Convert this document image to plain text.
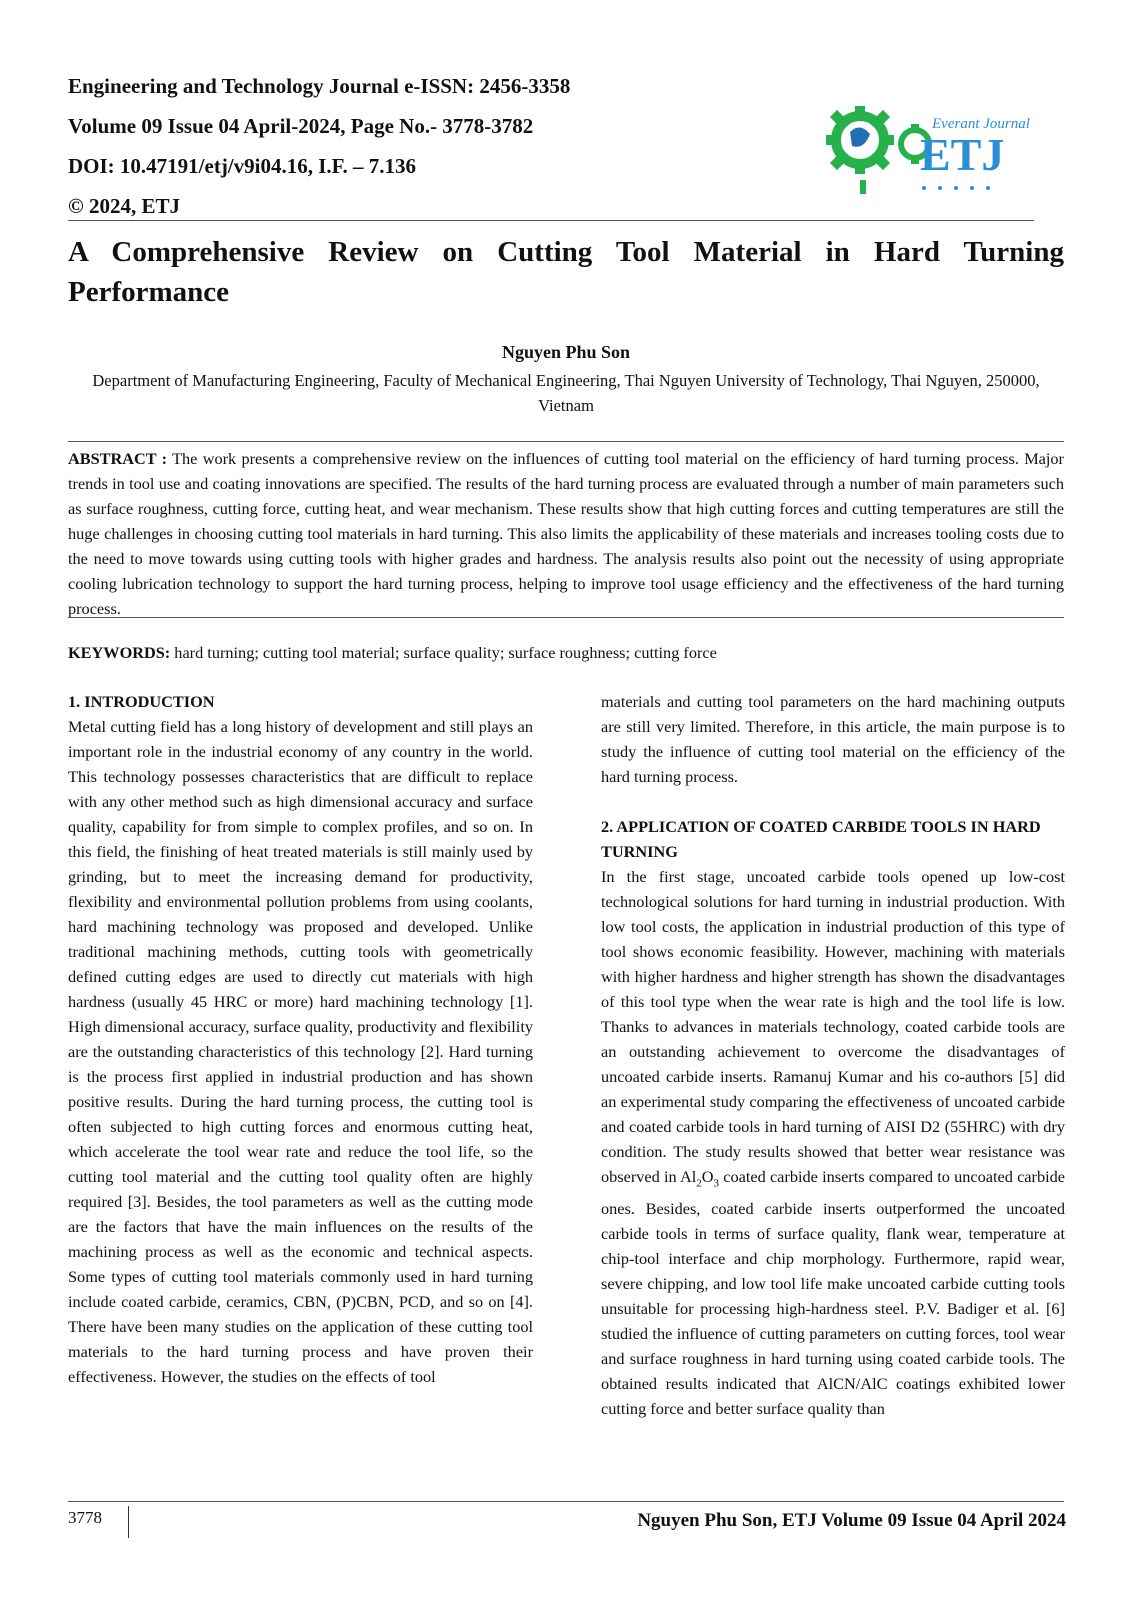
Engineering and Technology Journal e-ISSN: 2456-3358

Volume 09 Issue 04 April-2024, Page No.- 3778-3782

DOI: 10.47191/etj/v9i04.16, I.F. – 7.136

© 2024, ETJ

Everant Journal
ETJ
A Comprehensive Review on Cutting Tool Material in Hard Turning
Performance

Nguyen Phu Son

Department of Manufacturing Engineering, Faculty of Mechanical Engineering, Thai Nguyen University of Technology, Thai Nguyen, 250000, Vietnam

ABSTRACT : The work presents a comprehensive review on the influences of cutting tool material on the efficiency of hard turning process. Major trends in tool use and coating innovations are specified. The results of the hard turning process are evaluated through a number of main parameters such as surface roughness, cutting force, cutting heat, and wear mechanism. These results show that high cutting forces and cutting temperatures are still the huge challenges in choosing cutting tool materials in hard turning. This also limits the applicability of these materials and increases tooling costs due to the need to move towards using cutting tools with higher grades and hardness. The analysis results also point out the necessity of using appropriate cooling lubrication technology to support the hard turning process, helping to improve tool usage efficiency and the effectiveness of the hard turning process.

KEYWORDS: hard turning; cutting tool material; surface quality; surface roughness; cutting force

1. INTRODUCTION

Metal cutting field has a long history of development and still plays an important role in the industrial economy of any country in the world. This technology possesses characteristics that are difficult to replace with any other method such as high dimensional accuracy and surface quality, capability for from simple to complex profiles, and so on. In this field, the finishing of heat treated materials is still mainly used by grinding, but to meet the increasing demand for productivity, flexibility and environmental pollution problems from using coolants, hard machining technology was proposed and developed. Unlike traditional machining methods, cutting tools with geometrically defined cutting edges are used to directly cut materials with high hardness (usually 45 HRC or more) hard machining technology [1]. High dimensional accuracy, surface quality, productivity and flexibility are the outstanding characteristics of this technology [2]. Hard turning is the process first applied in industrial production and has shown positive results. During the hard turning process, the cutting tool is often subjected to high cutting forces and enormous cutting heat, which accelerate the tool wear rate and reduce the tool life, so the cutting tool material and the cutting tool quality often are highly required [3]. Besides, the tool parameters as well as the cutting mode are the factors that have the main influences on the results of the machining process as well as the economic and technical aspects. Some types of cutting tool materials commonly used in hard turning include coated carbide, ceramics, CBN, (P)CBN, PCD, and so on [4]. There have been many studies on the application of these cutting tool materials to the hard turning process and have proven their effectiveness. However, the studies on the effects of tool

materials and cutting tool parameters on the hard machining outputs are still very limited. Therefore, in this article, the main purpose is to study the influence of cutting tool material on the efficiency of the hard turning process.

2. APPLICATION OF COATED CARBIDE TOOLS IN HARD TURNING

In the first stage, uncoated carbide tools opened up low-cost technological solutions for hard turning in industrial production. With low tool costs, the application in industrial production of this type of tool shows economic feasibility. However, machining with materials with higher hardness and higher strength has shown the disadvantages of this tool type when the wear rate is high and the tool life is low. Thanks to advances in materials technology, coated carbide tools are an outstanding achievement to overcome the disadvantages of uncoated carbide inserts. Ramanuj Kumar and his co-authors [5] did an experimental study comparing the effectiveness of uncoated carbide and coated carbide tools in hard turning of AISI D2 (55HRC) with dry condition. The study results showed that better wear resistance was observed in $Al_2O_3$ coated carbide inserts compared to uncoated carbide ones. Besides, coated carbide inserts outperformed the uncoated carbide tools in terms of surface quality, flank wear, temperature at chip-tool interface and chip morphology. Furthermore, rapid wear, severe chipping, and low tool life make uncoated carbide cutting tools unsuitable for processing high-hardness steel. P.V. Badiger et al. [6] studied the influence of cutting parameters on cutting forces, tool wear and surface roughness in hard turning using coated carbide tools. The obtained results indicated that AlCN/AlC coatings exhibited lower cutting force and better surface quality than

3778	Nguyen Phu Son, ETJ Volume 09 Issue 04 April 2024
